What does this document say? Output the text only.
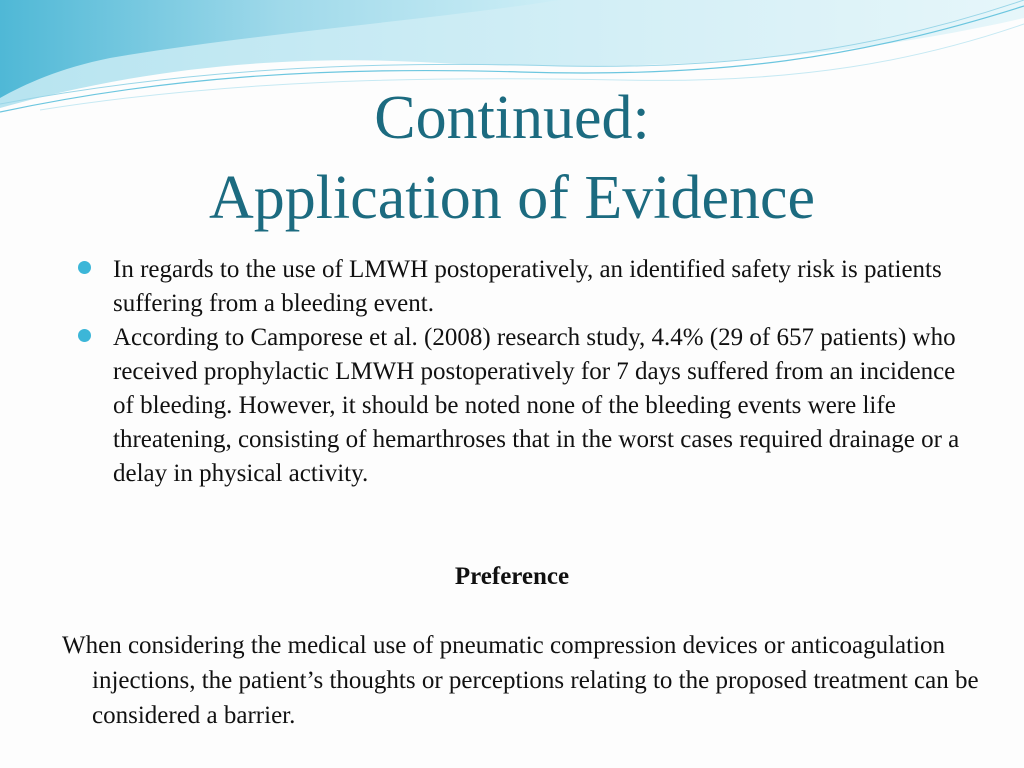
Continued:
Application of Evidence
In regards to the use of LMWH postoperatively, an identified safety risk is patients suffering from a bleeding event.
According to Camporese et al. (2008) research study, 4.4% (29 of 657 patients) who received prophylactic LMWH postoperatively for 7 days suffered from an incidence of bleeding. However, it should be noted none of the bleeding events were life threatening, consisting of hemarthroses that in the worst cases required drainage or a delay in physical activity.

Preference

When considering the medical use of pneumatic compression devices or anticoagulation injections, the patient’s thoughts or perceptions relating to the proposed treatment can be considered a barrier.
